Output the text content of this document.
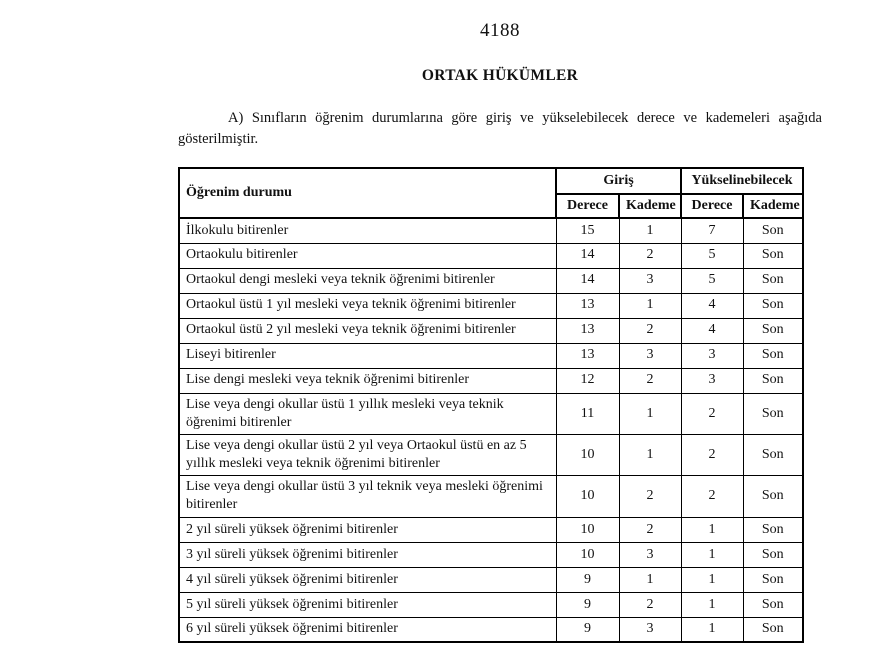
4188
ORTAK HÜKÜMLER

A) Sınıfların öğrenim durumlarına göre giriş ve yükselebilecek derece ve kademeleri aşağıda gösterilmiştir.

Öğrenim durumu	Giriş		Yükselinebilecek	
	Derece	Kademe	Derece	Kademe
İlkokulu bitirenler	15	1	7	Son
Ortaokulu bitirenler	14	2	5	Son
Ortaokul dengi mesleki veya teknik öğrenimi bitirenler	14	3	5	Son
Ortaokul üstü 1 yıl mesleki veya teknik öğrenimi bitirenler	13	1	4	Son
Ortaokul üstü 2 yıl mesleki veya teknik öğrenimi bitirenler	13	2	4	Son
Liseyi bitirenler	13	3	3	Son
Lise dengi mesleki veya teknik öğrenimi bitirenler	12	2	3	Son
Lise veya dengi okullar üstü 1 yıllık mesleki veya teknik öğrenimi bitirenler	11	1	2	Son
Lise veya dengi okullar üstü 2 yıl veya Ortaokul üstü en az 5 yıllık mesleki veya teknik öğrenimi bitirenler	10	1	2	Son
Lise veya dengi okullar üstü 3 yıl teknik veya mesleki öğrenimi bitirenler	10	2	2	Son
2 yıl süreli yüksek öğrenimi bitirenler	10	2	1	Son
3 yıl süreli yüksek öğrenimi bitirenler	10	3	1	Son
4 yıl süreli yüksek öğrenimi bitirenler	9	1	1	Son
5 yıl süreli yüksek öğrenimi bitirenler	9	2	1	Son
6 yıl süreli yüksek öğrenimi bitirenler	9	3	1	Son
